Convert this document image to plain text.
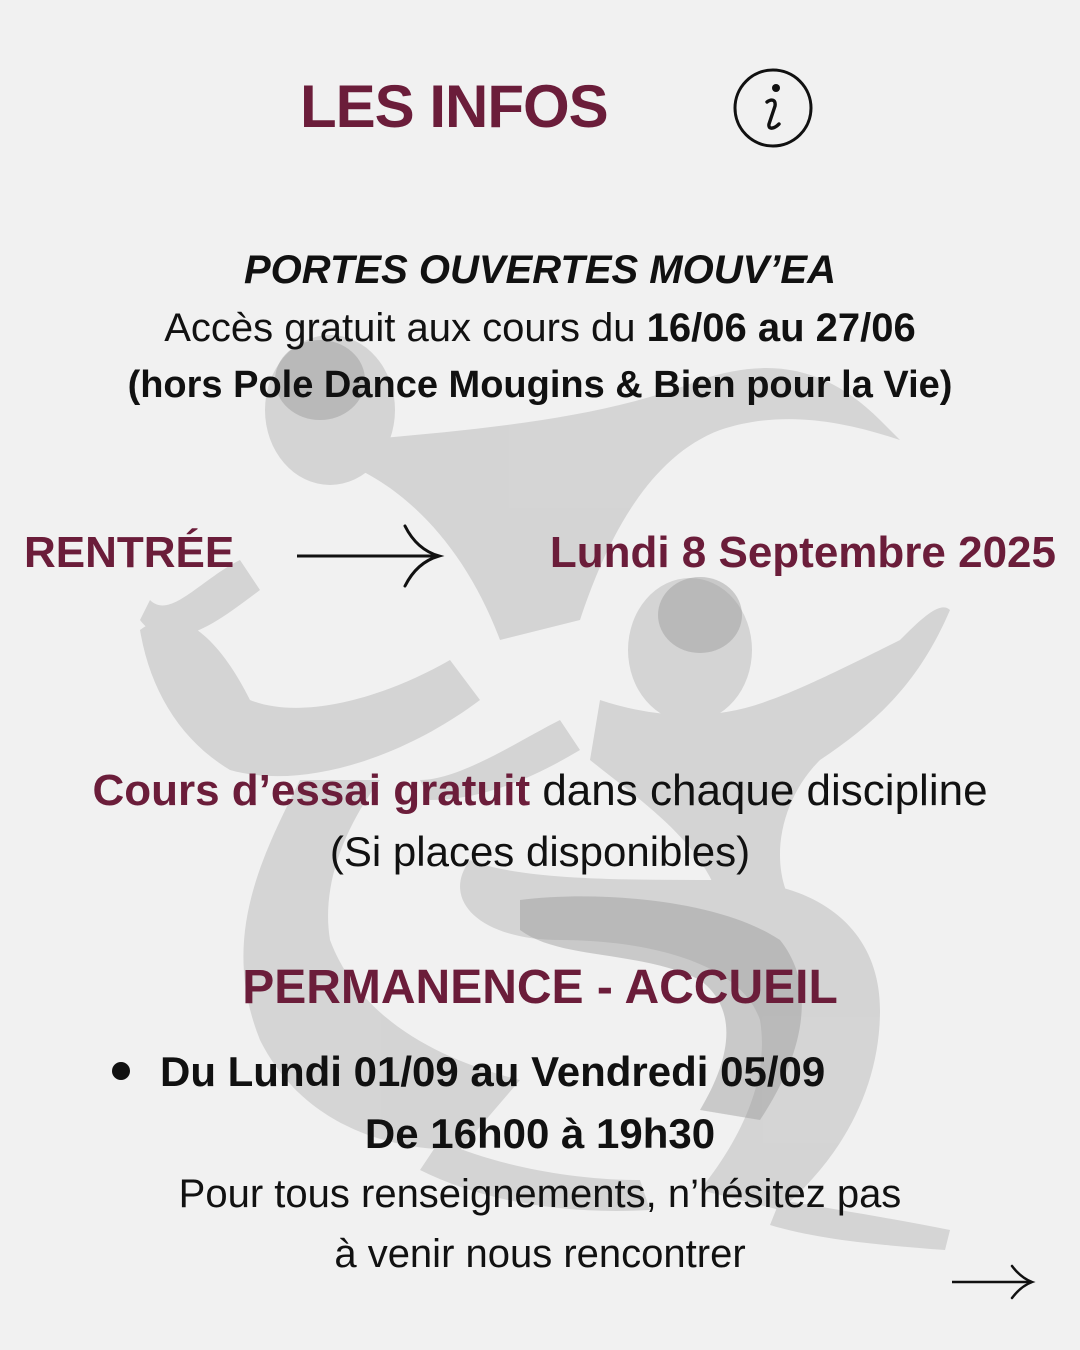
LES INFOS
PORTES OUVERTES MOUV’EA
Accès gratuit aux cours du 16/06 au 27/06
(hors Pole Dance Mougins & Bien pour la Vie)
RENTRÉE	Lundi 8 Septembre 2025
Cours d’essai gratuit dans chaque discipline
(Si places disponibles)
PERMANENCE - ACCUEIL
Du Lundi 01/09 au Vendredi 05/09
De 16h00 à 19h30
Pour tous renseignements, n’hésitez pas
à venir nous rencontrer
